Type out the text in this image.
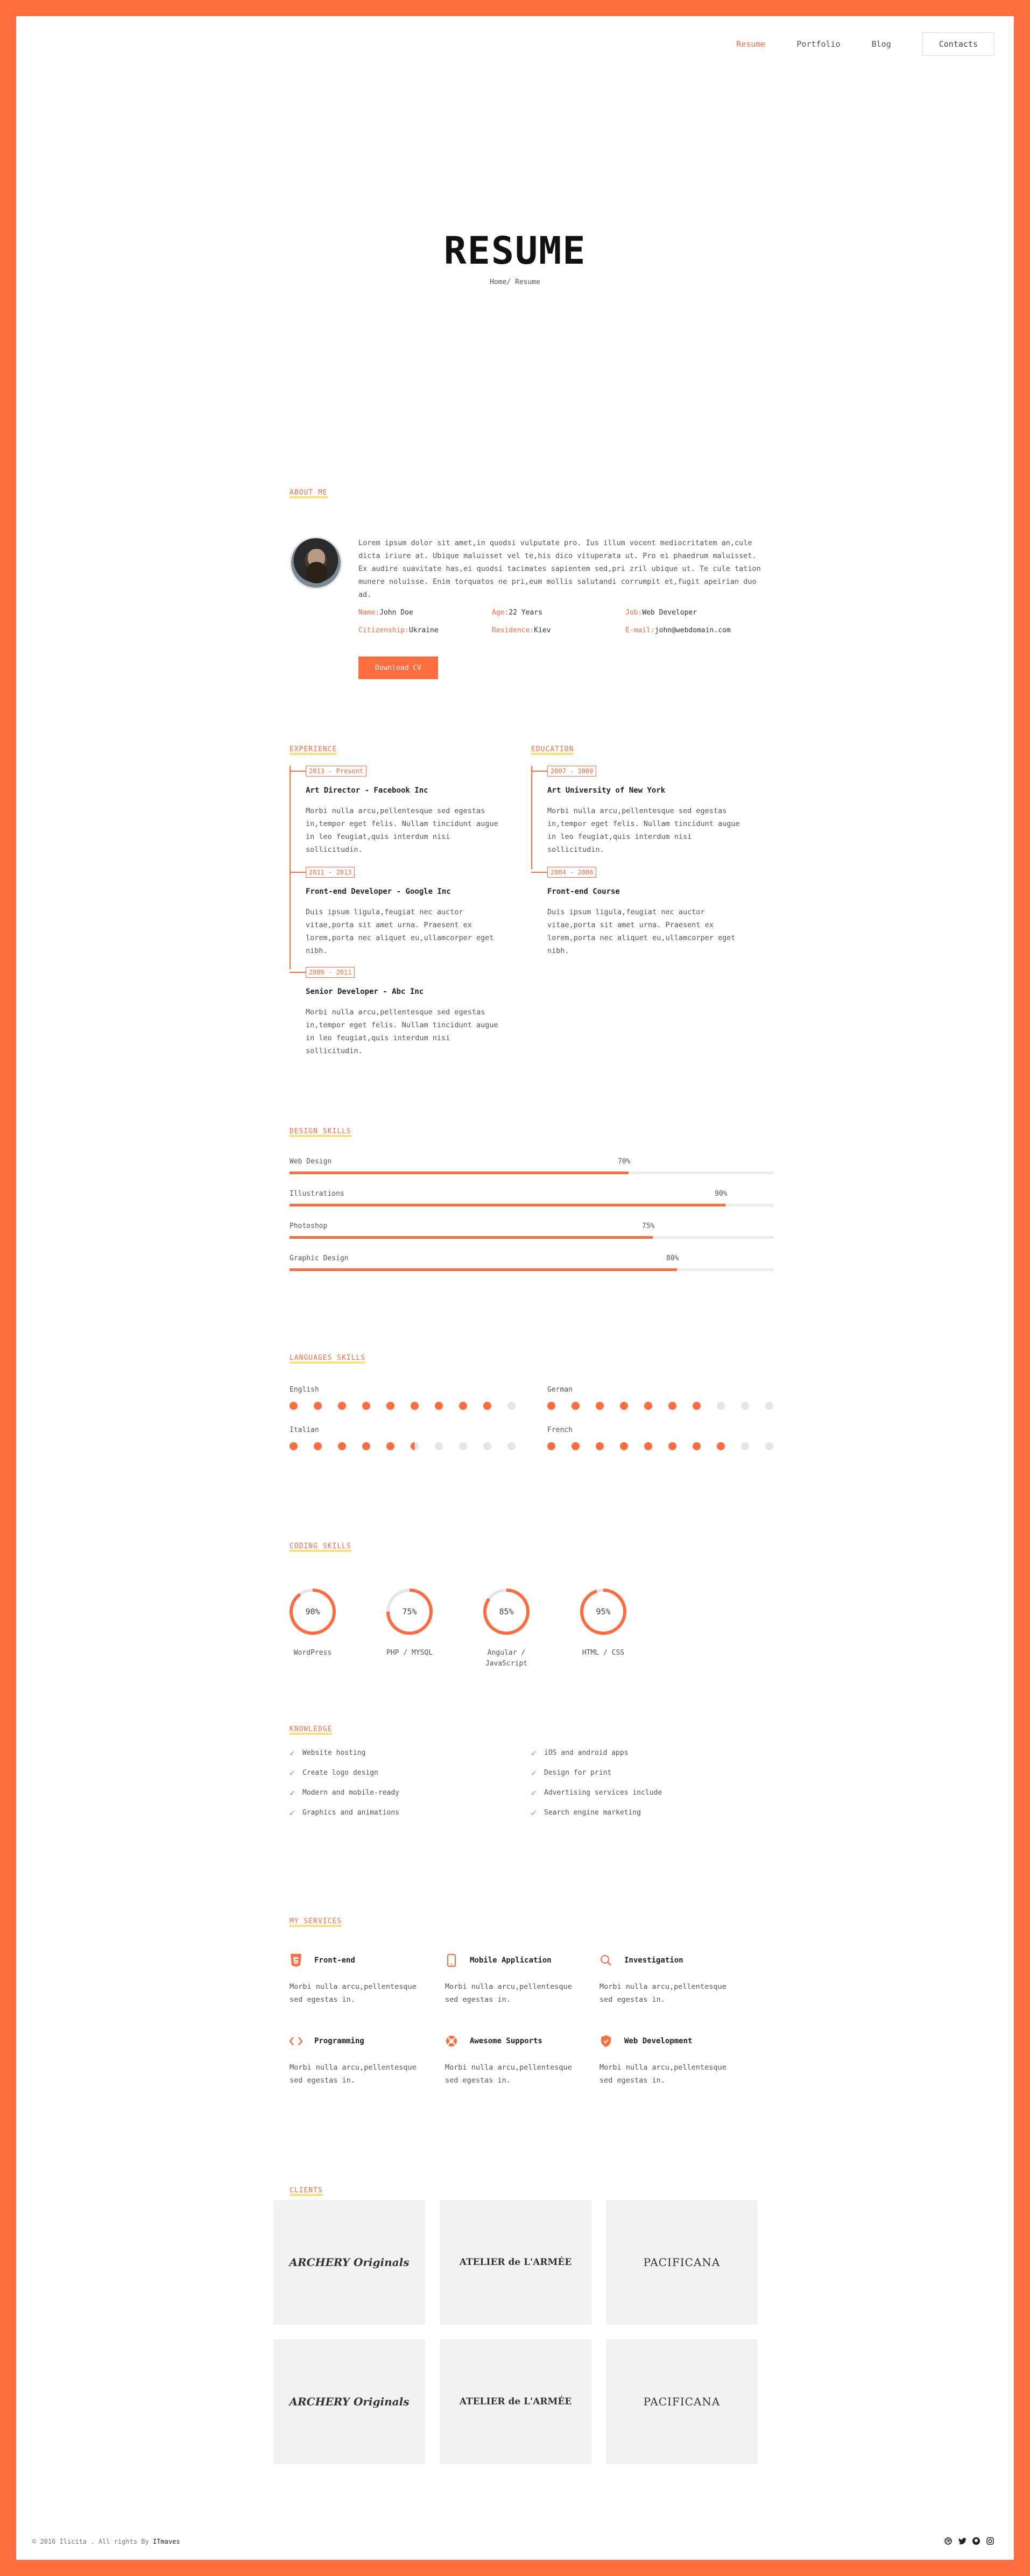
Resume	Portfolio	Blog	Contacts
RESUME
Home/ Resume
ABOUT ME
Lorem ipsum dolor sit amet,in quodsi vulputate pro. Ius illum vocent mediocritatem an,cule dicta iriure at. Ubique maluisset vel te,his dico vituperata ut. Pro ei phaedrum maluisset. Ex audire suavitate has,ei quodsi tacimates sapientem sed,pri zril ubique ut. Te cule tation munere noluisse. Enim torquatos ne pri,eum mollis salutandi corrumpit et,fugit apeirian duo ad.
Name:John Doe	Age:22 Years	Job:Web Developer
Citizenship:Ukraine	Residence:Kiev	E-mail:john@webdomain.com
Download CV
EXPERIENCE
2013 - Present
Art Director - Facebook Inc
Morbi nulla arcu,pellentesque sed egestas in,tempor eget felis. Nullam tincidunt augue in leo feugiat,quis interdum nisi sollicitudin.
2011 - 2013
Front-end Developer - Google Inc
Duis ipsum ligula,feugiat nec auctor vitae,porta sit amet urna. Praesent ex lorem,porta nec aliquet eu,ullamcorper eget nibh.
2009 - 2011
Senior Developer - Abc Inc
Morbi nulla arcu,pellentesque sed egestas in,tempor eget felis. Nullam tincidunt augue in leo feugiat,quis interdum nisi sollicitudin.
EDUCATION
2007 - 2009
Art University of New York
Morbi nulla arcu,pellentesque sed egestas in,tempor eget felis. Nullam tincidunt augue in leo feugiat,quis interdum nisi sollicitudin.
2004 - 2006
Front-end Course
Duis ipsum ligula,feugiat nec auctor vitae,porta sit amet urna. Praesent ex lorem,porta nec aliquet eu,ullamcorper eget nibh.
DESIGN SKILLS
Web Design	70%
Illustrations	90%
Photoshop	75%
Graphic Design	80%
LANGUAGES SKILLS
English	German
Italian	French
CODING SKILLS
90%
WordPress
75%
PHP / MYSQL
85%
Angular / JavaScript
95%
HTML / CSS
KNOWLEDGE
✓	Website hosting
✓	Create logo design
✓	Modern and mobile-ready
✓	Graphics and animations
✓	iOS and android apps
✓	Design for print
✓	Advertising services include
✓	Search engine marketing
MY SERVICES
Front-end
Morbi nulla arcu,pellentesque sed egestas in.
Mobile Application
Morbi nulla arcu,pellentesque sed egestas in.
Investigation
Morbi nulla arcu,pellentesque sed egestas in.
Programming
Morbi nulla arcu,pellentesque sed egestas in.
Awesome Supports
Morbi nulla arcu,pellentesque sed egestas in.
Web Development
Morbi nulla arcu,pellentesque sed egestas in.
CLIENTS
ARCHERY Originals	ATELIER de L'ARMÉE	PACIFICANA
ARCHERY Originals	ATELIER de L'ARMÉE	PACIFICANA
© 2016 Ilicita . All rights By ITmaves
